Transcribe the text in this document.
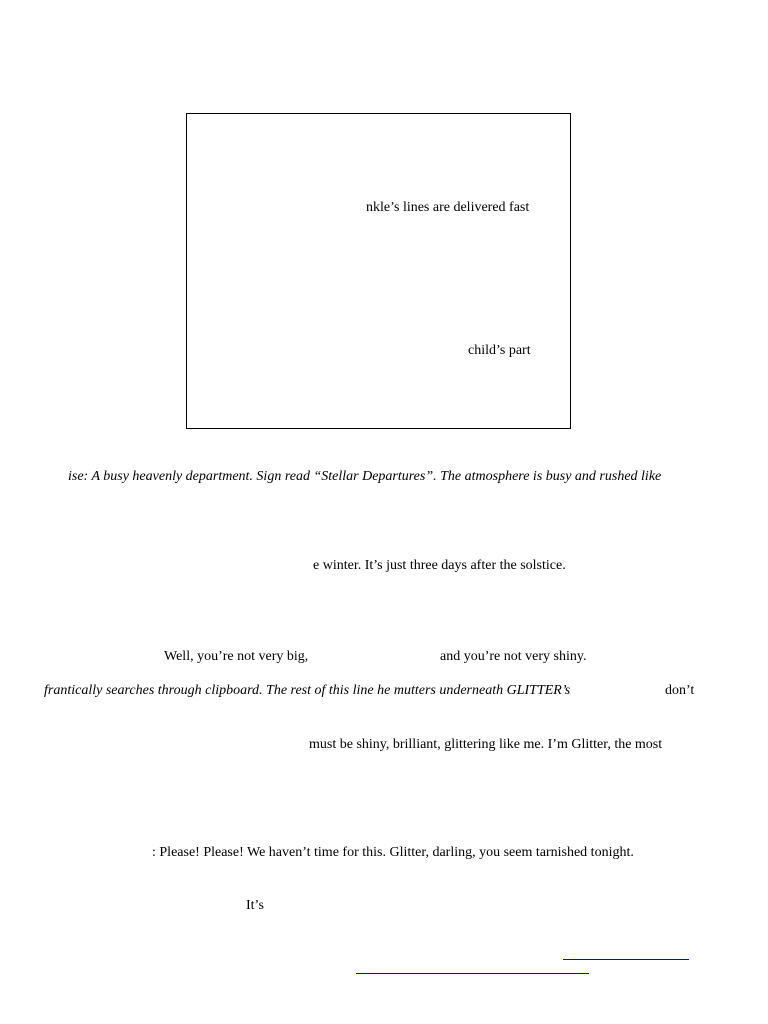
nkle’s lines are delivered fast
child’s part
ise: A busy heavenly department. Sign read “Stellar Departures”. The atmosphere is busy and rushed like
e winter. It’s just three days after the solstice.
Well, you’re not very big,	and you’re not very shiny.
frantically searches through clipboard. The rest of this line he mutters underneath GLITTER’s	don’t
must be shiny, brilliant, glittering like me. I’m Glitter, the most
: Please! Please! We haven’t time for this. Glitter, darling, you seem tarnished tonight.
It’s
